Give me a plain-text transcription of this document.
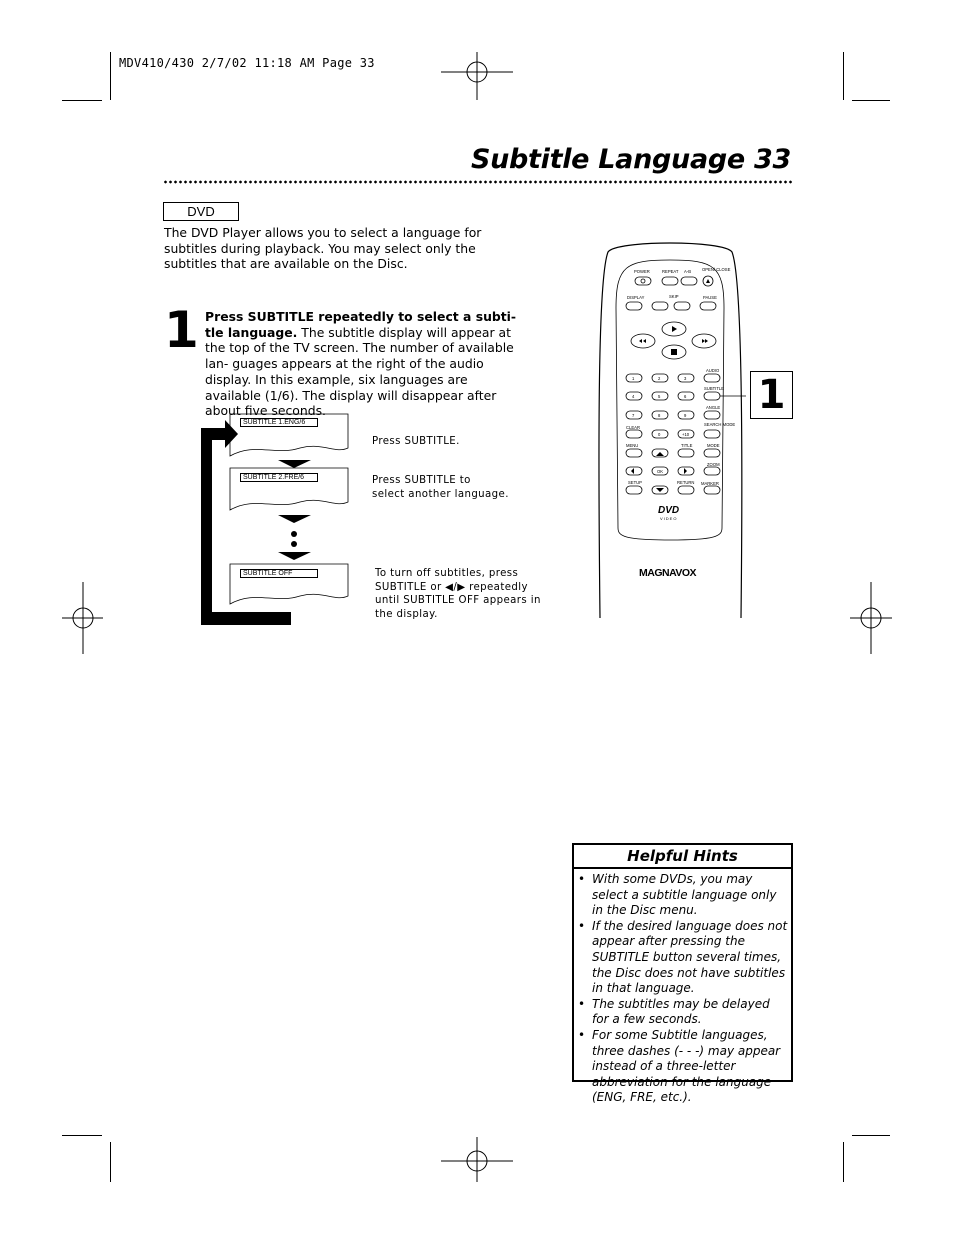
MDV410/430 2/7/02 11:18 AM Page 33
Subtitle Language 33
DVD
The DVD Player allows you to select a language for subtitles during playback. You may select only the subtitles that are available on the Disc.
1 Press SUBTITLE repeatedly to select a subti- tle language. The subtitle display will appear at the top of the TV screen. The number of available lan- guages appears at the right of the audio display. In this example, six languages are available (1/6). The display will disappear after about five seconds.
SUBTITLE 1.ENG/6
SUBTITLE 2.FRE/6
SUBTITLE OFF
Press SUBTITLE.
Press SUBTITLE to
select another language.
To turn off subtitles, press
SUBTITLE or ◀/▶ repeatedly
until SUBTITLE OFF appears in
the display.
POWER	REPEAT A-B	OPEN/ CLOSE
DISPLAY	SKIP	PAUSE
AUDIO
SUBTITLE
ANGLE
SEARCH MODE
CLEAR
MENU	TITLE	MODE
ZOOM
SETUP	RETURN MARKER
1	2	3
4	5	6
7	8	9
0	+10
OK
DVD
VIDEO
MAGNAVOX
1
Helpful Hints
• With some DVDs, you may select a subtitle language only in the Disc menu.
• If the desired language does not appear after pressing the SUBTITLE button several times, the Disc does not have subtitles in that language.
• The subtitles may be delayed for a few seconds.
• For some Subtitle languages, three dashes (- - -) may appear instead of a three-letter abbreviation for the language (ENG, FRE, etc.).
